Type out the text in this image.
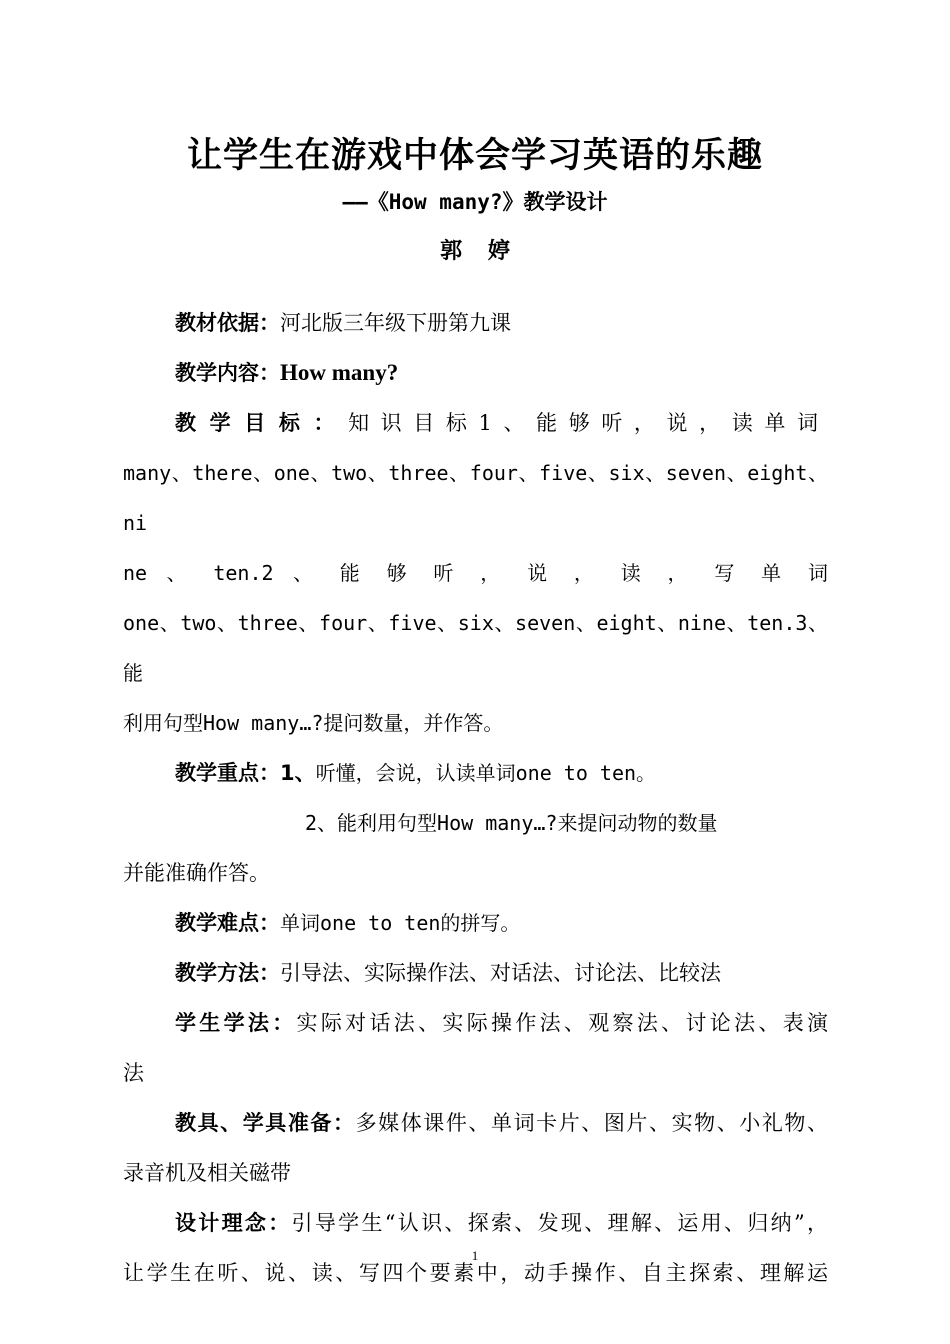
让学生在游戏中体会学习英语的乐趣
——《How many?》教学设计
郭 婷

教材依据：河北版三年级下册第九课

教学内容：How many?

教学目标：知识目标1、能够听，说，读单词
many、there、one、two、three、four、five、six、seven、eight、ni
ne 、 ten.2 、 能 够 听 ， 说 ， 读 ， 写 单 词
one、two、three、four、five、six、seven、eight、nine、ten.3、能
利用句型How many…?提问数量，并作答。

教学重点：1、听懂，会说，认读单词one to ten。

2、能利用句型How many…?来提问动物的数量
并能准确作答。

教学难点：单词one to ten的拼写。

教学方法：引导法、实际操作法、对话法、讨论法、比较法

学生学法：实际对话法、实际操作法、观察法、讨论法、表演
法
教具、学具准备：多媒体课件、单词卡片、图片、实物、小礼物、
录音机及相关磁带
设计理念：引导学生“认识、探索、发现、理解、运用、归纳”，
让学生在听、说、读、写四个要素中，动手操作、自主探索、理解运
1
